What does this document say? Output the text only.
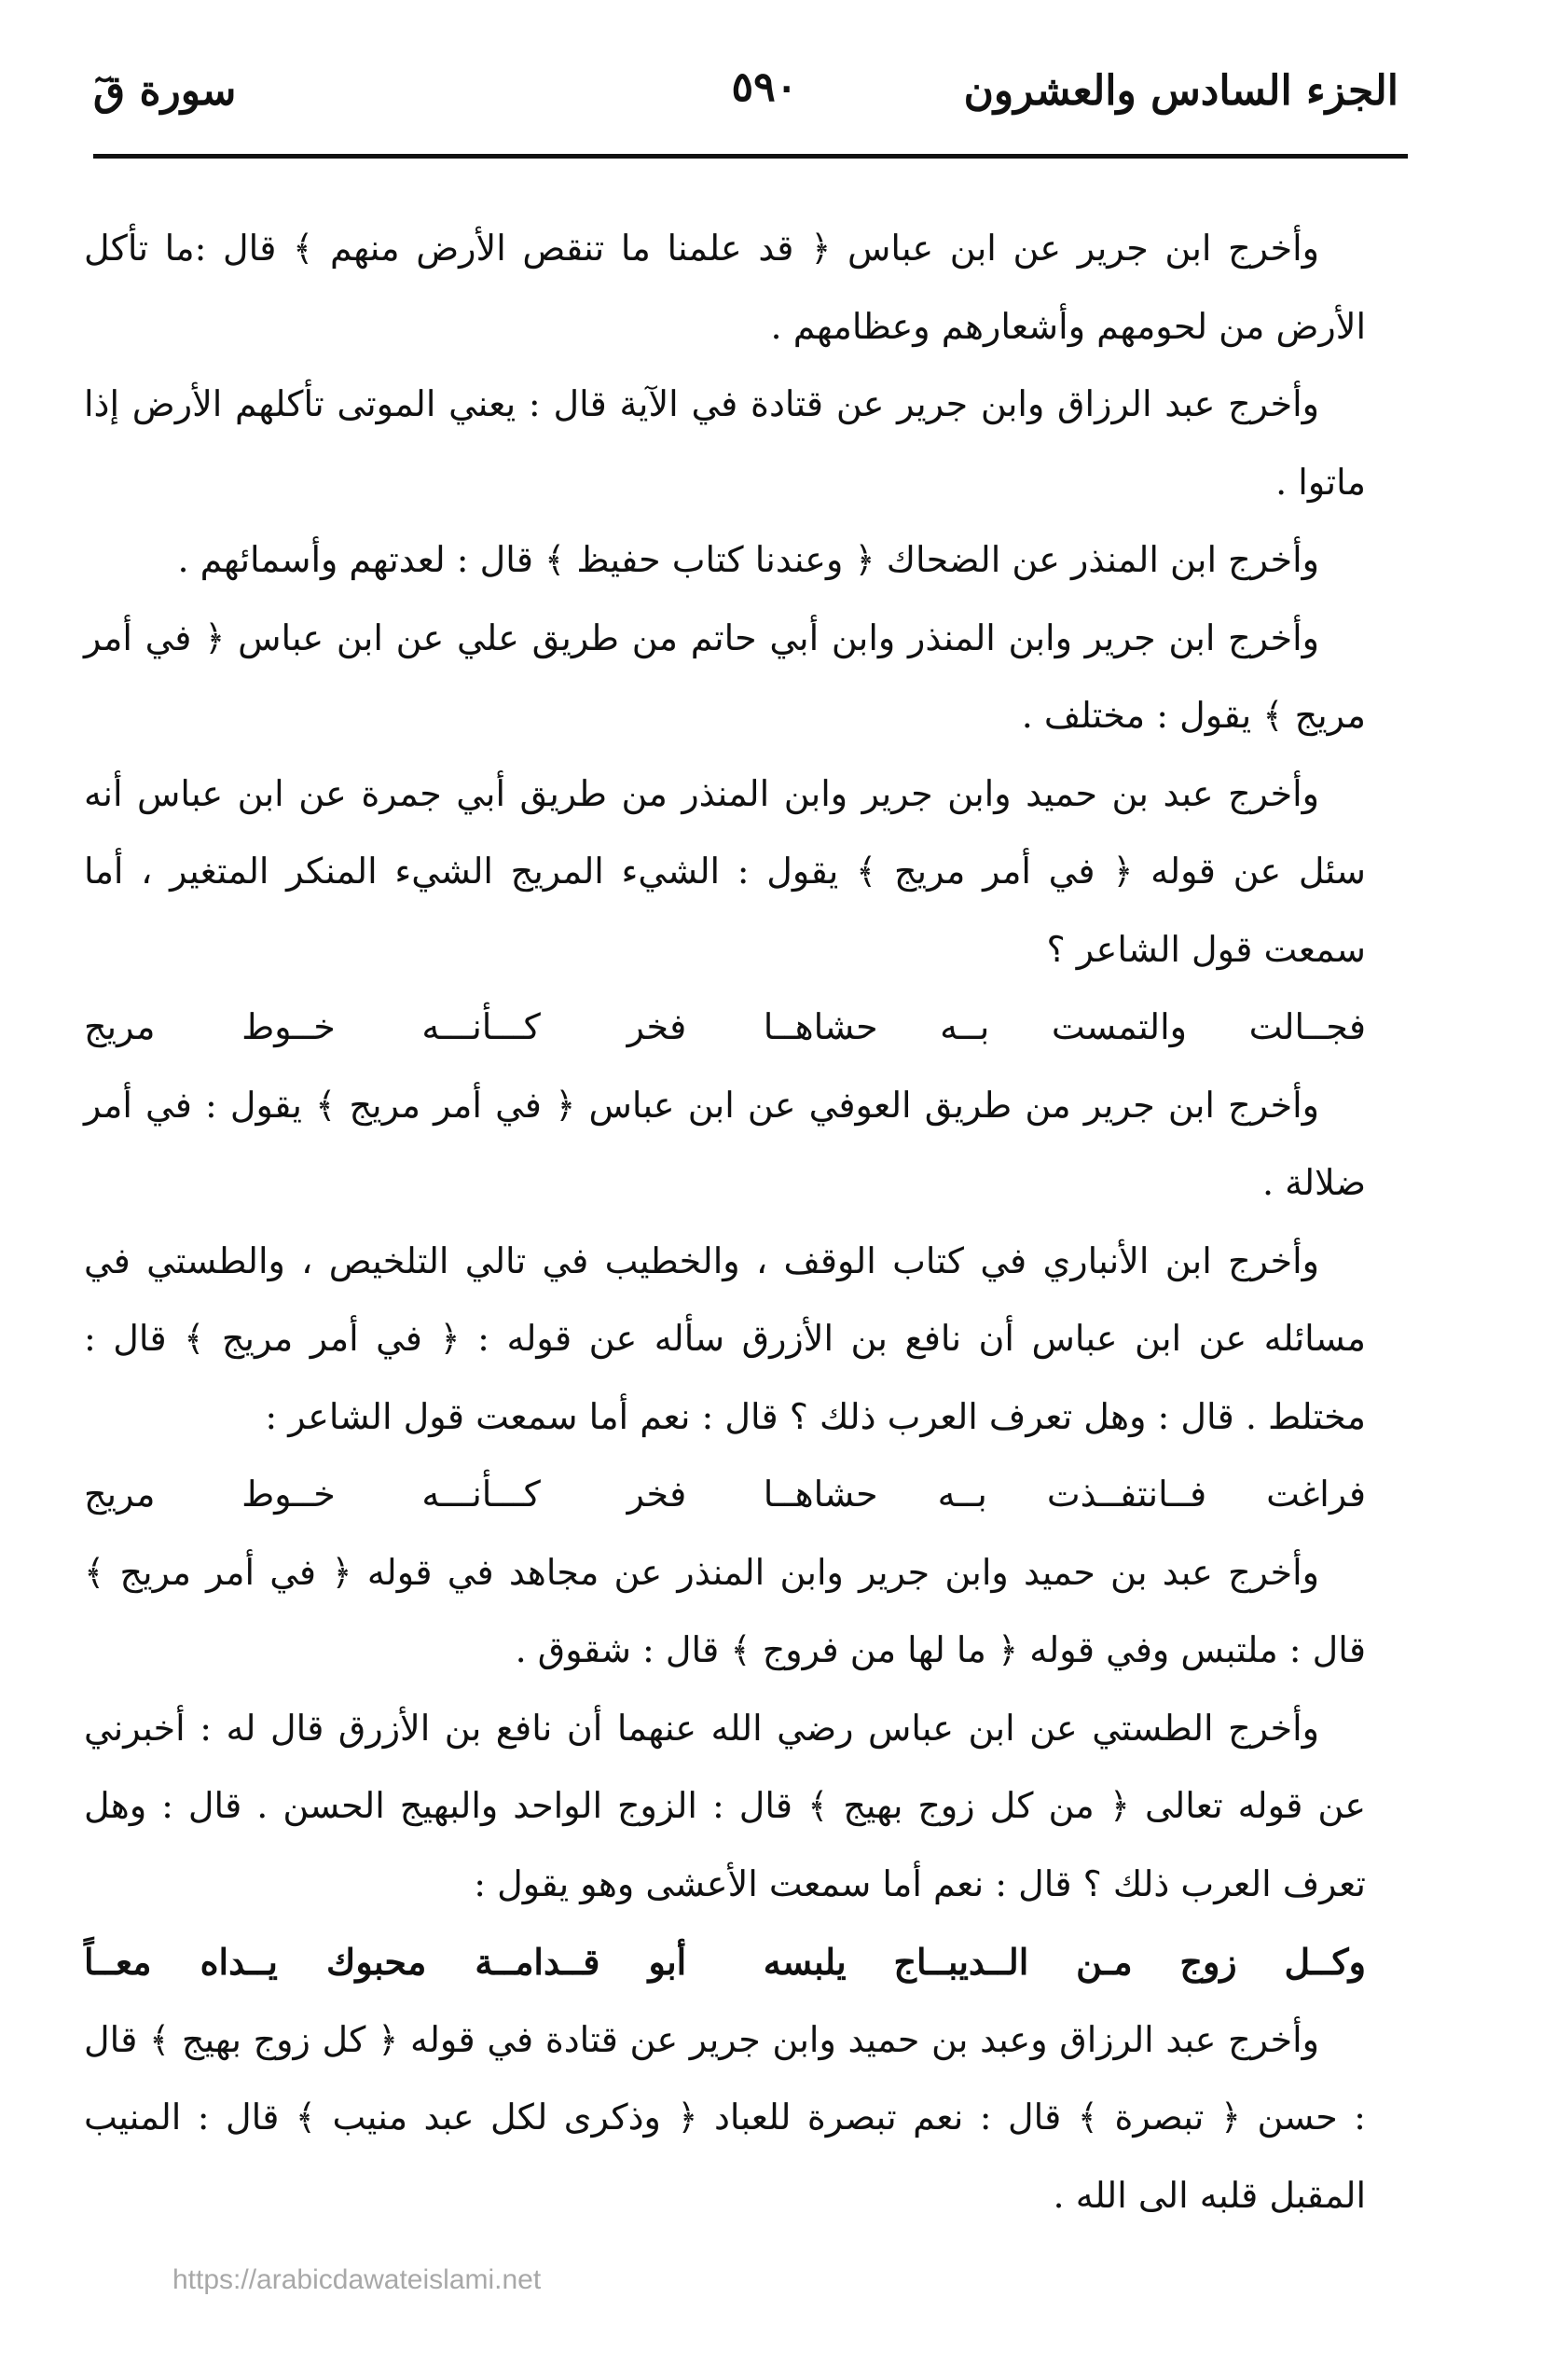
الجزء السادس والعشرون
٥٩٠
سورة قٓ

وأخرج ابن جرير عن ابن عباس ﴿ قد علمنا ما تنقص الأرض منهم ﴾ قال :ما تأكل الأرض من لحومهم وأشعارهم وعظامهم .

وأخرج عبد الرزاق وابن جرير عن قتادة في الآية قال : يعني الموتى تأكلهم الأرض إذا ماتوا .

وأخرج ابن المنذر عن الضحاك ﴿ وعندنا كتاب حفيظ ﴾ قال : لعدتهم وأسمائهم .

وأخرج ابن جرير وابن المنذر وابن أبي حاتم من طريق علي عن ابن عباس ﴿ في أمر مريج ﴾ يقول : مختلف .

وأخرج عبد بن حميد وابن جرير وابن المنذر من طريق أبي جمرة عن ابن عباس أنه سئل عن قوله ﴿ في أمر مريج ﴾ يقول : الشيء المريج الشيء المنكر المتغير ، أما سمعت قول الشاعر ؟

فجــالت والتمست بــه حشاهــا
فخر كـــأنـــه خــوط مريج

وأخرج ابن جرير من طريق العوفي عن ابن عباس ﴿ في أمر مريج ﴾ يقول : في أمر ضلالة .

وأخرج ابن الأنباري في كتاب الوقف ، والخطيب في تالي التلخيص ، والطستي في مسائله عن ابن عباس أن نافع بن الأزرق سأله عن قوله : ﴿ في أمر مريج ﴾ قال : مختلط . قال : وهل تعرف العرب ذلك ؟ قال : نعم أما سمعت قول الشاعر :

فراغت فــانتفــذت بــه حشاهــا
فخر كـــأنـــه خــوط مريج

وأخرج عبد بن حميد وابن جرير وابن المنذر عن مجاهد في قوله ﴿ في أمر مريج ﴾ قال : ملتبس وفي قوله ﴿ ما لها من فروج ﴾ قال : شقوق .

وأخرج الطستي عن ابن عباس رضي الله عنهما أن نافع بن الأزرق قال له : أخبرني عن قوله تعالى ﴿ من كل زوج بهيج ﴾ قال : الزوج الواحد والبهيج الحسن . قال : وهل تعرف العرب ذلك ؟ قال : نعم أما سمعت الأعشى وهو يقول :

وكــل زوج مـن الــديبــاج يلبسه
أبو قــدامــة محبوك يــداه معــاً

وأخرج عبد الرزاق وعبد بن حميد وابن جرير عن قتادة في قوله ﴿ كل زوج بهيج ﴾ قال : حسن ﴿ تبصرة ﴾ قال : نعم تبصرة للعباد ﴿ وذكرى لكل عبد منيب ﴾ قال : المنيب المقبل قلبه الى الله .

https://arabicdawateislami.net
